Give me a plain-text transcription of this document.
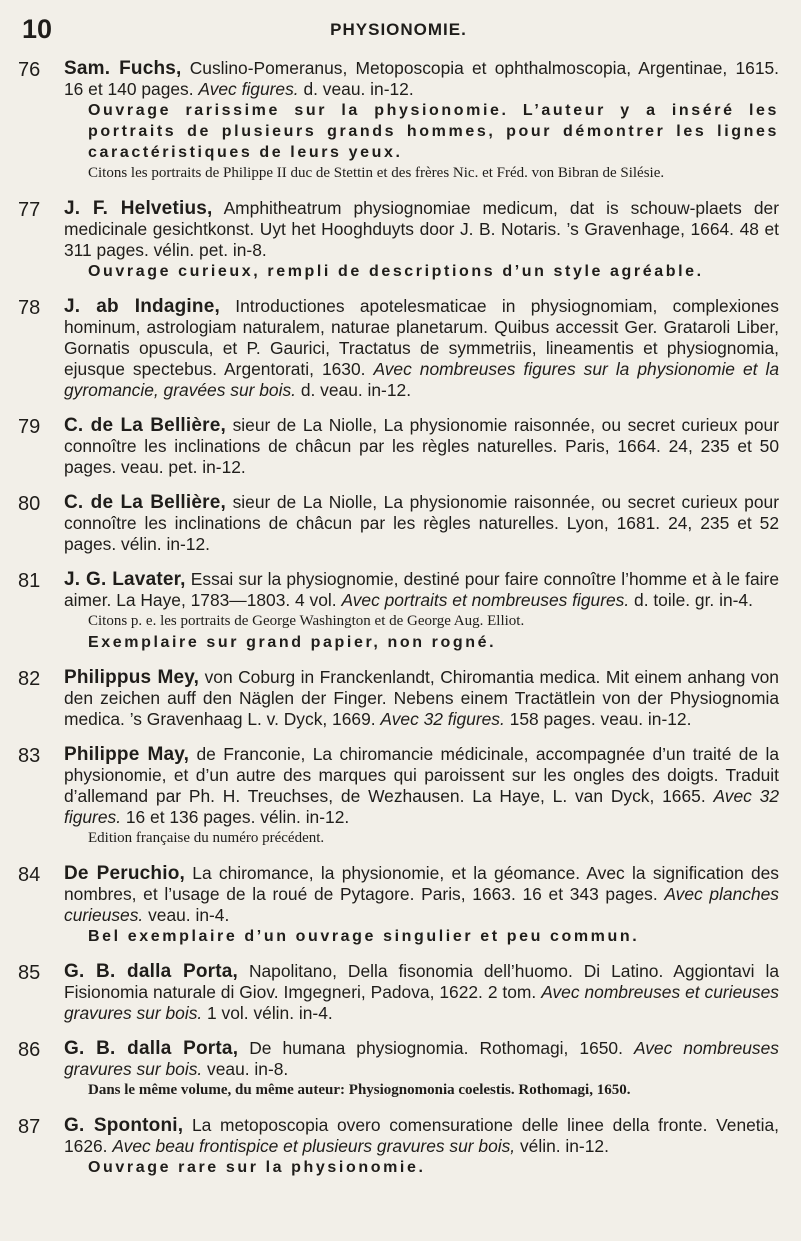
10	PHYSIONOMIE.
76	Sam. Fuchs, Cuslino-Pomeranus, Metoposcopia et ophthalmoscopia, Argentinae, 1615. 16 et 140 pages. Avec figures. d. veau. in-12.
Ouvrage rarissime sur la physionomie. L’auteur y a inséré les portraits de plusieurs grands hommes, pour démontrer les lignes caractéristiques de leurs yeux.
Citons les portraits de Philippe II duc de Stettin et des frères Nic. et Fréd. von Bibran de Silésie.
77	J. F. Helvetius, Amphitheatrum physiognomiae medicum, dat is schouw-plaets der medicinale gesichtkonst. Uyt het Hooghduyts door J. B. Notaris. ’s Gravenhage, 1664. 48 et 311 pages. vélin. pet. in-8.
Ouvrage curieux, rempli de descriptions d’un style agréable.
78	J. ab Indagine, Introductiones apotelesmaticae in physiognomiam, complexiones hominum, astrologiam naturalem, naturae planetarum. Quibus accessit Ger. Grataroli Liber, Gornatis opuscula, et P. Gaurici, Tractatus de symmetriis, lineamentis et physiognomia, ejusque spectebus. Argentorati, 1630. Avec nombreuses figures sur la physionomie et la gyromancie, gravées sur bois. d. veau. in-12.
79	C. de La Bellière, sieur de La Niolle, La physionomie raisonnée, ou secret curieux pour connoître les inclinations de châcun par les règles naturelles. Paris, 1664. 24, 235 et 50 pages. veau. pet. in-12.
80	C. de La Bellière, sieur de La Niolle, La physionomie raisonnée, ou secret curieux pour connoître les inclinations de châcun par les règles naturelles. Lyon, 1681. 24, 235 et 52 pages. vélin. in-12.
81	J. G. Lavater, Essai sur la physiognomie, destiné pour faire connoître l’homme et à le faire aimer. La Haye, 1783—1803. 4 vol. Avec portraits et nombreuses figures. d. toile. gr. in-4.
Citons p. e. les portraits de George Washington et de George Aug. Elliot.
Exemplaire sur grand papier, non rogné.
82	Philippus Mey, von Coburg in Franckenlandt, Chiromantia medica. Mit einem anhang von den zeichen auff den Näglen der Finger. Nebens einem Tractätlein von der Physiognomia medica. ’s Gravenhaag L. v. Dyck, 1669. Avec 32 figures. 158 pages. veau. in-12.
83	Philippe May, de Franconie, La chiromancie médicinale, accompagnée d’un traité de la physionomie, et d’un autre des marques qui paroissent sur les ongles des doigts. Traduit d’allemand par Ph. H. Treuchses, de Wezhausen. La Haye, L. van Dyck, 1665. Avec 32 figures. 16 et 136 pages. vélin. in-12.
Edition française du numéro précédent.
84	De Peruchio, La chiromance, la physionomie, et la géomance. Avec la signification des nombres, et l’usage de la roué de Pytagore. Paris, 1663. 16 et 343 pages. Avec planches curieuses. veau. in-4.
Bel exemplaire d’un ouvrage singulier et peu commun.
85	G. B. dalla Porta, Napolitano, Della fisonomia dell’huomo. Di Latino. Aggiontavi la Fisionomia naturale di Giov. Imgegneri, Padova, 1622. 2 tom. Avec nombreuses et curieuses gravures sur bois. 1 vol. vélin. in-4.
86	G. B. dalla Porta, De humana physiognomia. Rothomagi, 1650. Avec nombreuses gravures sur bois. veau. in-8.
Dans le même volume, du même auteur: Physiognomonia coelestis. Rothomagi, 1650.
87	G. Spontoni, La metoposcopia overo comensuratione delle linee della fronte. Venetia, 1626. Avec beau frontispice et plusieurs gravures sur bois, vélin. in-12.
Ouvrage rare sur la physionomie.
